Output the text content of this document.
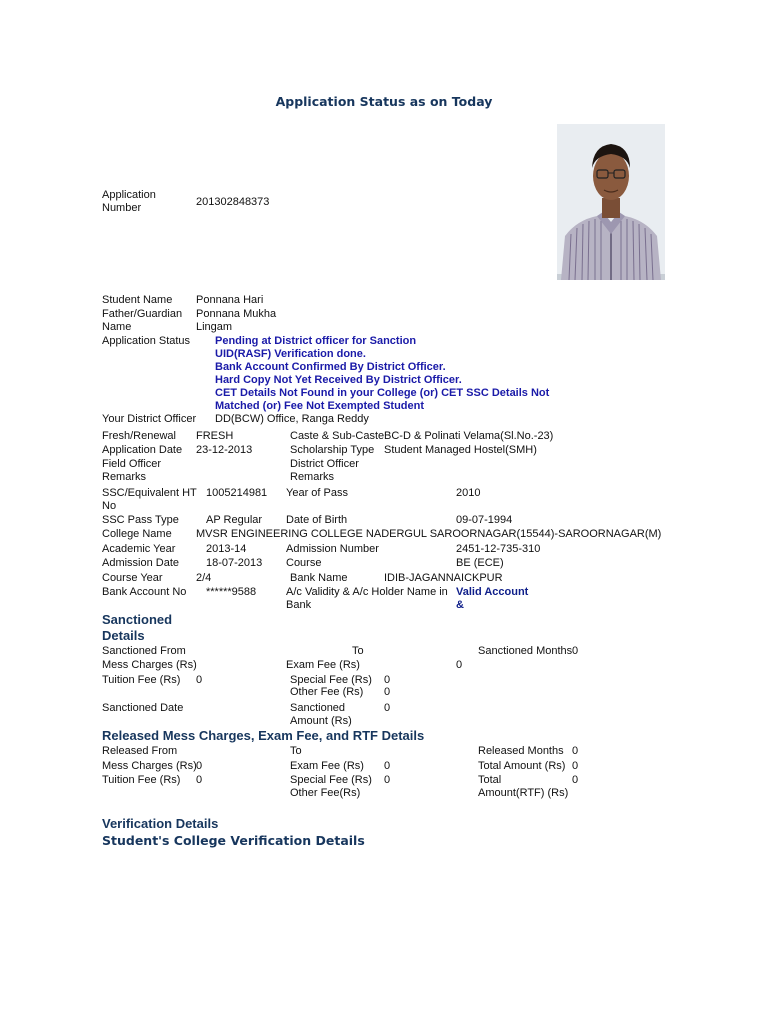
Application Status as on Today
Application Number	201302848373
Student Name Ponnana Hari
Father/Guardian Name
Ponnana Mukha Lingam
Application Status Pending at District officer for Sanction
UID(RASF) Verification done.
Bank Account Confirmed By District Officer.
Hard Copy Not Yet Received By District Officer.
CET Details Not Found in your College (or) CET SSC Details Not
Matched (or) Fee Not Exempted Student
Your District Officer DD(BCW) Office, Ranga Reddy
Fresh/Renewal FRESH	Caste & Sub-Caste BC-D & Polinati Velama(Sl.No.-23)
Application Date 23-12-2013	Scholarship Type Student Managed Hostel(SMH)
Field Officer Remarks
District Officer Remarks
SSC/Equivalent HT No
1005214981 Year of Pass	2010
SSC Pass Type AP Regular Date of Birth	09-07-1994
College Name MVSR ENGINEERING COLLEGE NADERGUL SAROORNAGAR(15544)-SAROORNAGAR(M)
Academic Year	2013-14	Admission Number	2451-12-735-310
Admission Date 18-07-2013 Course	BE (ECE)
Course Year	2/4	Bank Name	IDIB-JAGANNAICKPUR
Bank Account No ******9588	A/c Validity & A/c Holder Name in Bank
Valid Account &
Sanctioned Details
Sanctioned From	To	Sanctioned Months 0
Mess Charges (Rs)	Exam Fee (Rs)	0
Tuition Fee (Rs) 0	Special Fee (Rs) 0
Other Fee (Rs) 0
Sanctioned Date	Sanctioned Amount (Rs)
0
Released Mess Charges, Exam Fee, and RTF Details
Released From	To	Released Months 0
Mess Charges (Rs) 0	Exam Fee (Rs) 0	Total Amount (Rs) 0
Tuition Fee (Rs) 0	Special Fee (Rs) 0	Total Amount(RTF) (Rs)
0
Other Fee(Rs)
Verification Details
Student's College Verification Details
